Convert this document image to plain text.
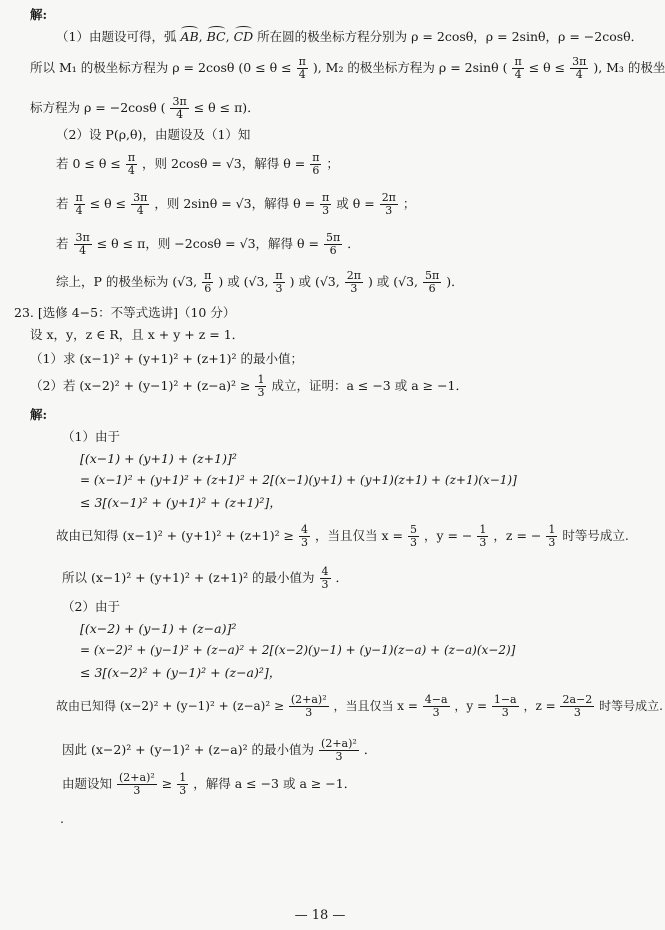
解:
（1）由题设可得，弧 AB, BC, CD 所在圆的极坐标方程分别为 ρ = 2cosθ，ρ = 2sinθ，ρ = −2cosθ．
所以 M₁ 的极坐标方程为 ρ = 2cosθ ($0 \le \theta \le \frac{\pi}{4}$ ), M₂ 的极坐标方程为 ρ = 2sinθ ( $\frac{\pi}{4} \le \theta \le \frac{3\pi}{4}$ ), M₃ 的极坐
标方程为 ρ = −2cosθ ( $\frac{3\pi}{4} \le \theta \le \pi$)．
（2）设 P(ρ,θ)，由题设及（1）知
若 $0 \le \theta \le \frac{\pi}{4}$ ，则 2cosθ = √3，解得 $\theta = \frac{\pi}{6}$ ；
若 $\frac{\pi}{4} \le \theta \le \frac{3\pi}{4}$ ，则 2sinθ = √3，解得 $\theta = \frac{\pi}{3}$ 或 $\theta = \frac{2\pi}{3}$ ；
若 $\frac{3\pi}{4} \le \theta \le \pi$，则 −2cosθ = √3，解得 $\theta = \frac{5\pi}{6}$ ．
综上，P 的极坐标为 (√3, $\frac{\pi}{6}$ ) 或 (√3, $\frac{\pi}{3}$ ) 或 (√3, $\frac{2\pi}{3}$ ) 或 (√3, $\frac{5\pi}{6}$ )．
23. [选修 4−5：不等式选讲]（10 分）
设 x，y，z ∈ R，且 x + y + z = 1．
（1）求 (x−1)² + (y+1)² + (z+1)² 的最小值；
（2）若 $(x-2)^2 + (y-1)^2 + (z-a)^2 \ge \frac{1}{3}$ 成立，证明：a ≤ −3 或 a ≥ −1．
解:
（1）由于
[(x−1) + (y+1) + (z+1)]²
= (x−1)² + (y+1)² + (z+1)² + 2[(x−1)(y+1) + (y+1)(z+1) + (z+1)(x−1)]
≤ 3[(x−1)² + (y+1)² + (z+1)²]，
故由已知得 $(x-1)^2 + (y+1)^2 + (z+1)^2 \ge \frac{4}{3}$ ，当且仅当 $x = \frac{5}{3}$ ，y = − $\frac{1}{3}$ ，z = − $\frac{1}{3}$ 时等号成立.
所以 (x−1)² + (y+1)² + (z+1)² 的最小值为 $\frac{4}{3}$ ．
（2）由于
[(x−2) + (y−1) + (z−a)]²
= (x−2)² + (y−1)² + (z−a)² + 2[(x−2)(y−1) + (y−1)(z−a) + (z−a)(x−2)]
≤ 3[(x−2)² + (y−1)² + (z−a)²]，
故由已知得 $(x-2)^2 + (y-1)^2 + (z-a)^2 \ge \frac{\text{(2+a)²}}{3}$ ，当且仅当 $x = \frac{4-a}{3}$ ，$y = \frac{1-a}{3}$ ，$z = \frac{2a-2}{3}$ 时等号成立.
因此 (x−2)² + (y−1)² + (z−a)² 的最小值为 $\frac{\text{(2+a)²}}{3}$ ．
由题设知 $\frac{\text{(2+a)²}}{3} \ge \frac{1}{3}$ ，解得 a ≤ −3 或 a ≥ −1．
.
— 18 —
